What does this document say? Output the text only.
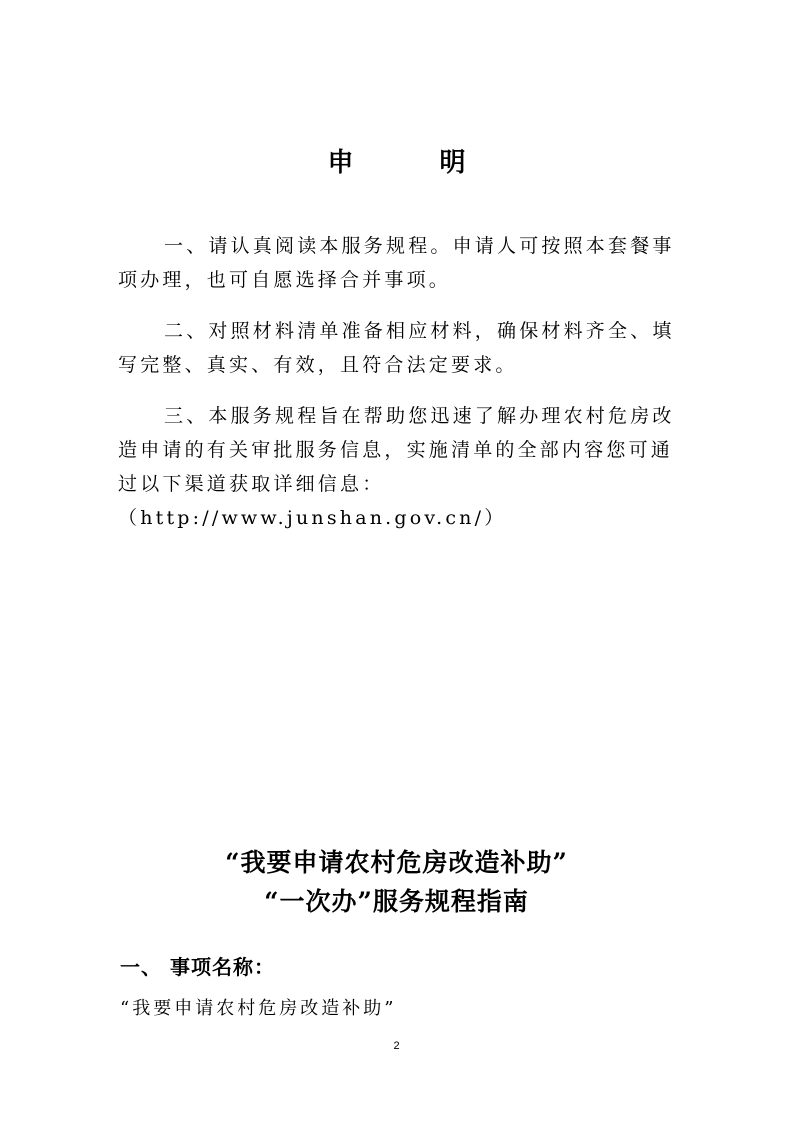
申　明
一、请认真阅读本服务规程。申请人可按照本套餐事项办理，也可自愿选择合并事项。
二、对照材料清单准备相应材料，确保材料齐全、填写完整、真实、有效，且符合法定要求。
三、本服务规程旨在帮助您迅速了解办理农村危房改造申请的有关审批服务信息，实施清单的全部内容您可通过以下渠道获取详细信息：（http://www.junshan.gov.cn/）
“我要申请农村危房改造补助”
“一次办”服务规程指南
一、 事项名称：
“我要申请农村危房改造补助”
2
